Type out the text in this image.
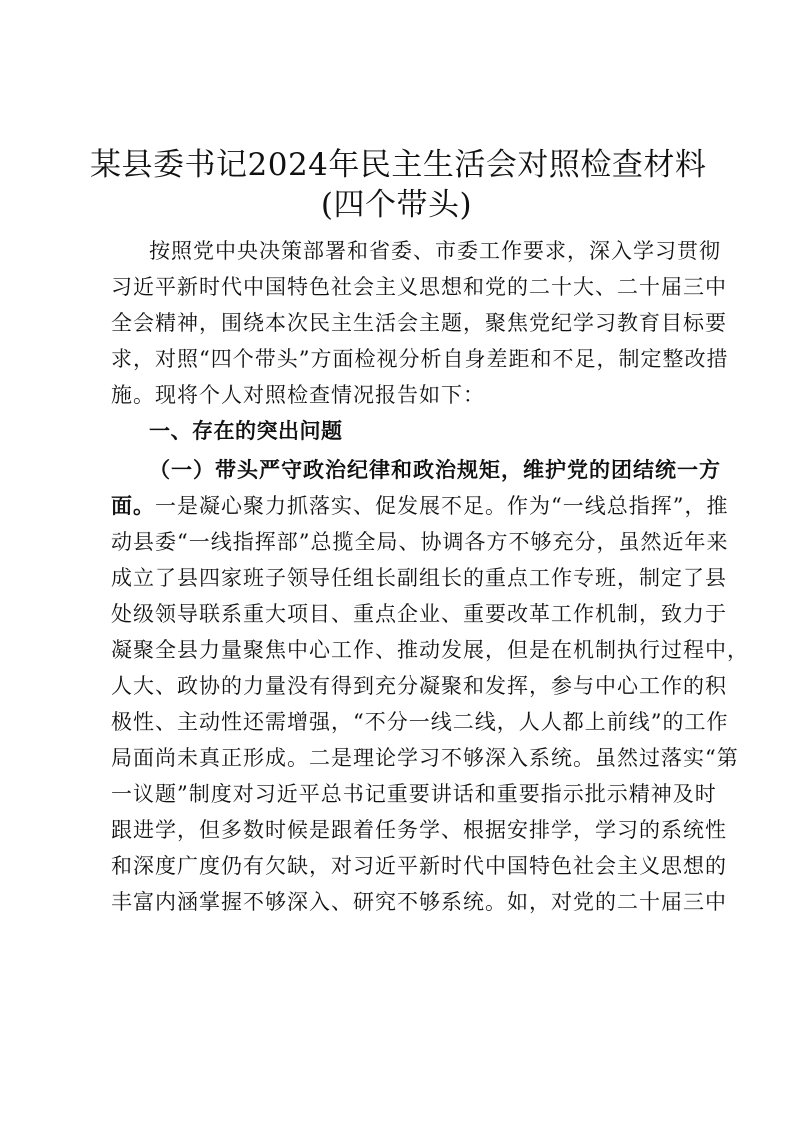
某县委书记2024年民主生活会对照检查材料
(四个带头)
按照党中央决策部署和省委、市委工作要求，深入学习贯彻
习近平新时代中国特色社会主义思想和党的二十大、二十届三中
全会精神，围绕本次民主生活会主题，聚焦党纪学习教育目标要
求，对照“四个带头”方面检视分析自身差距和不足，制定整改措
施。现将个人对照检查情况报告如下：
一、存在的突出问题
（一）带头严守政治纪律和政治规矩，维护党的团结统一方
面。一是凝心聚力抓落实、促发展不足。作为“一线总指挥”，推
动县委“一线指挥部”总揽全局、协调各方不够充分，虽然近年来
成立了县四家班子领导任组长副组长的重点工作专班，制定了县
处级领导联系重大项目、重点企业、重要改革工作机制，致力于
凝聚全县力量聚焦中心工作、推动发展，但是在机制执行过程中，
人大、政协的力量没有得到充分凝聚和发挥，参与中心工作的积
极性、主动性还需增强，“不分一线二线，人人都上前线”的工作
局面尚未真正形成。二是理论学习不够深入系统。虽然过落实“第
一议题”制度对习近平总书记重要讲话和重要指示批示精神及时
跟进学，但多数时候是跟着任务学、根据安排学，学习的系统性
和深度广度仍有欠缺，对习近平新时代中国特色社会主义思想的
丰富内涵掌握不够深入、研究不够系统。如，对党的二十届三中
